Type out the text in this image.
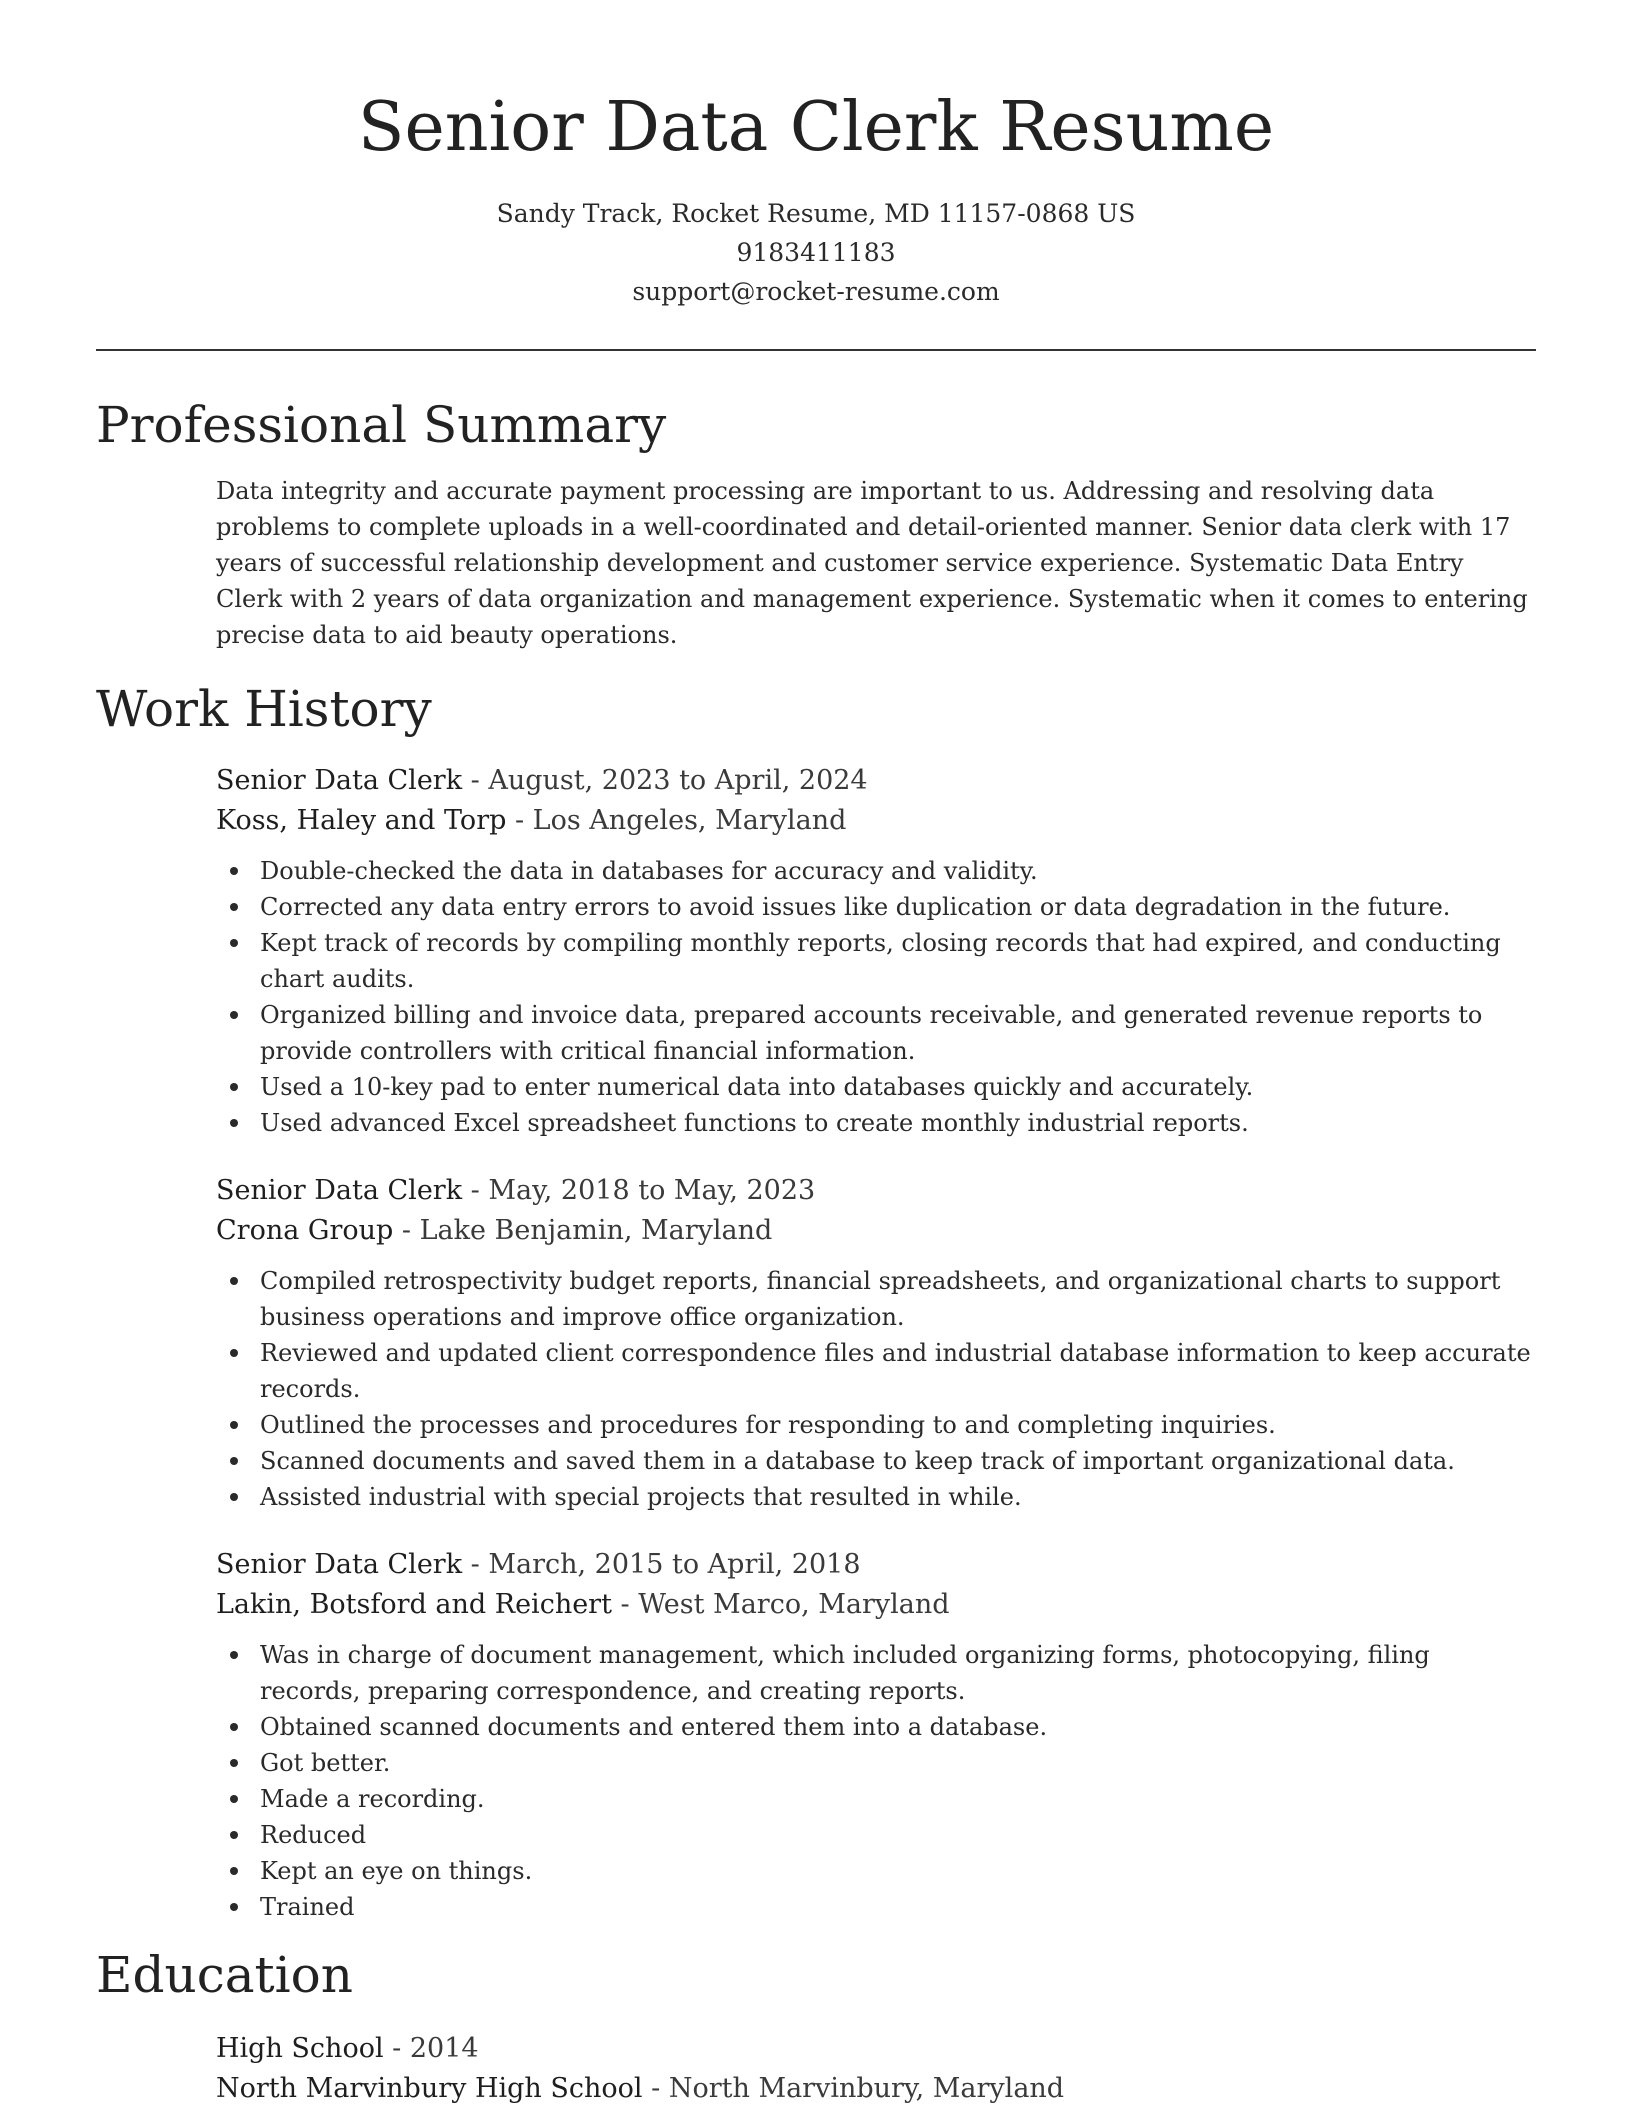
Senior Data Clerk Resume
Sandy Track, Rocket Resume, MD 11157-0868 US
9183411183
support@rocket-resume.com
Professional Summary
Data integrity and accurate payment processing are important to us. Addressing and resolving data problems to complete uploads in a well-coordinated and detail-oriented manner. Senior data clerk with 17 years of successful relationship development and customer service experience. Systematic Data Entry Clerk with 2 years of data organization and management experience. Systematic when it comes to entering precise data to aid beauty operations.
Work History
Senior Data Clerk - August, 2023 to April, 2024
Koss, Haley and Torp - Los Angeles, Maryland
Double-checked the data in databases for accuracy and validity.
Corrected any data entry errors to avoid issues like duplication or data degradation in the future.
Kept track of records by compiling monthly reports, closing records that had expired, and conducting chart audits.
Organized billing and invoice data, prepared accounts receivable, and generated revenue reports to provide controllers with critical financial information.
Used a 10-key pad to enter numerical data into databases quickly and accurately.
Used advanced Excel spreadsheet functions to create monthly industrial reports.
Senior Data Clerk - May, 2018 to May, 2023
Crona Group - Lake Benjamin, Maryland
Compiled retrospectivity budget reports, financial spreadsheets, and organizational charts to support business operations and improve office organization.
Reviewed and updated client correspondence files and industrial database information to keep accurate records.
Outlined the processes and procedures for responding to and completing inquiries.
Scanned documents and saved them in a database to keep track of important organizational data.
Assisted industrial with special projects that resulted in while.
Senior Data Clerk - March, 2015 to April, 2018
Lakin, Botsford and Reichert - West Marco, Maryland
Was in charge of document management, which included organizing forms, photocopying, filing records, preparing correspondence, and creating reports.
Obtained scanned documents and entered them into a database.
Got better.
Made a recording.
Reduced
Kept an eye on things.
Trained
Education
High School - 2014
North Marvinbury High School - North Marvinbury, Maryland
